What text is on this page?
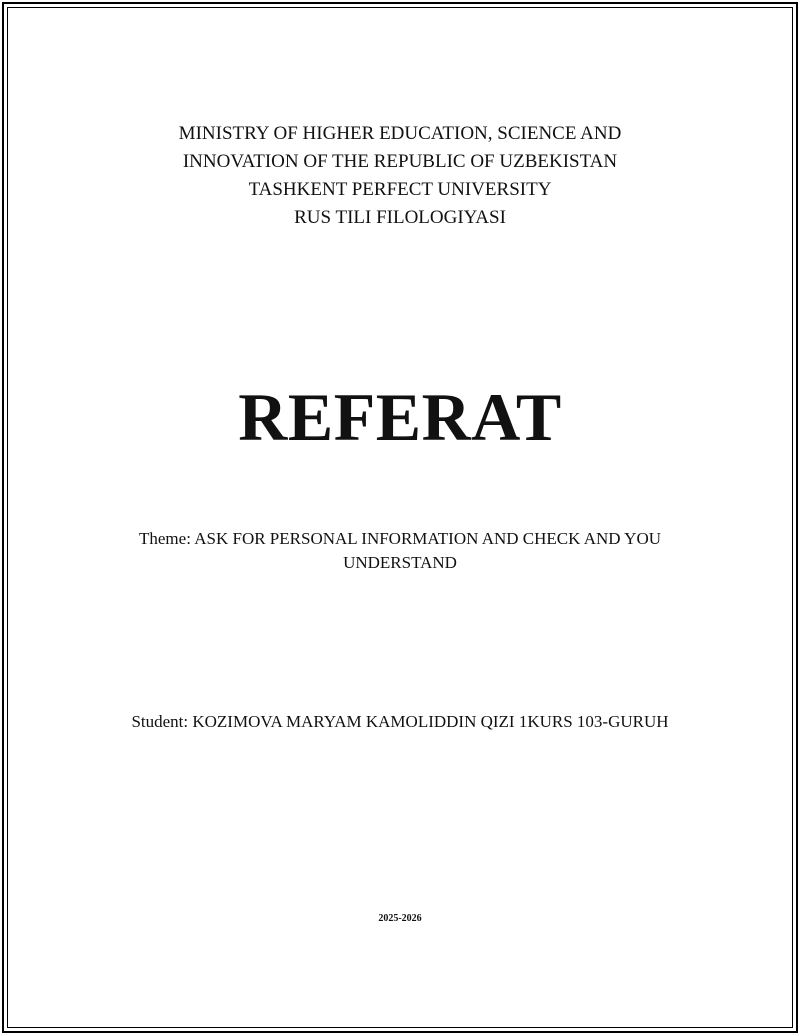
MINISTRY OF HIGHER EDUCATION, SCIENCE AND
INNOVATION OF THE REPUBLIC OF UZBEKISTAN
TASHKENT PERFECT UNIVERSITY
RUS TILI FILOLOGIYASI
REFERAT
Theme: ASK FOR PERSONAL INFORMATION AND CHECK AND YOU UNDERSTAND
Student: KOZIMOVA MARYAM KAMOLIDDIN QIZI 1KURS 103-GURUH
2025-2026
